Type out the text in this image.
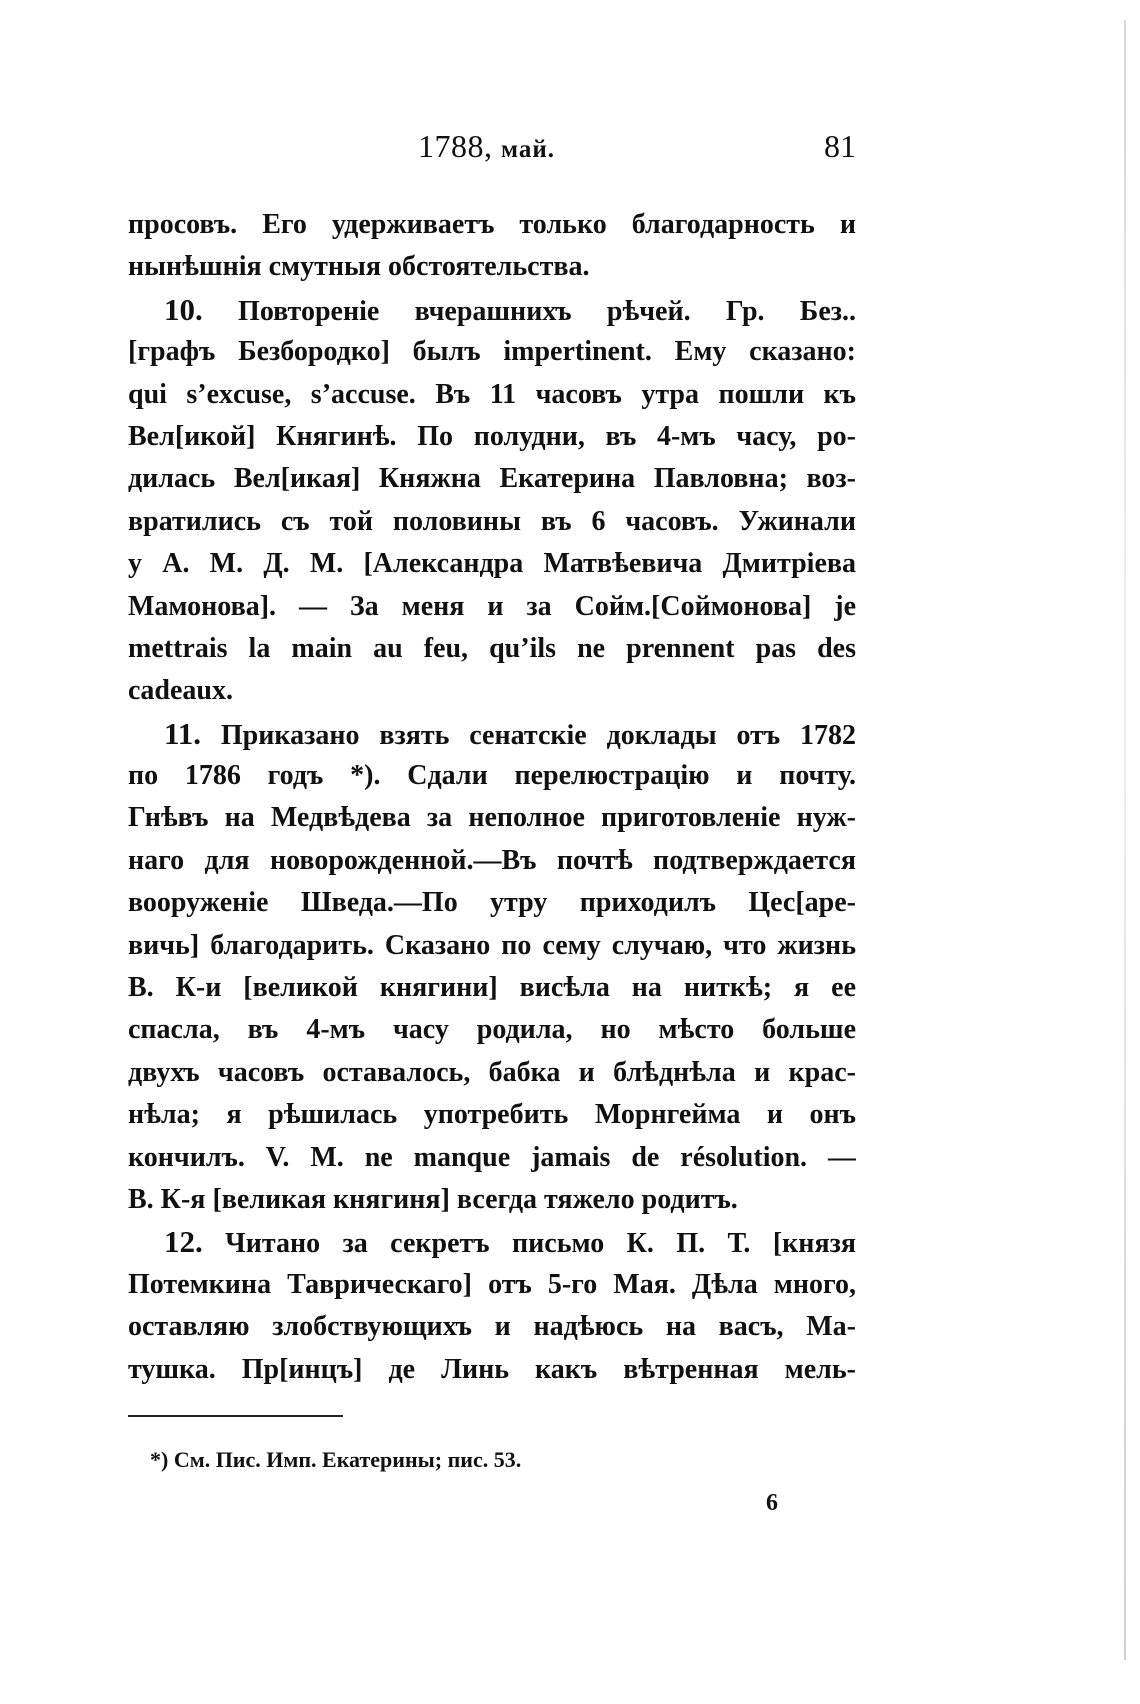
1788, май.	81
просовъ. Его удерживаетъ только благодарность и
нынѣшнія смутныя обстоятельства.
10. Повтореніе вчерашнихъ рѣчей. Гр. Без..
[графъ Безбородко] былъ impertinent. Ему сказано:
qui s’excuse, s’accuse. Въ 11 часовъ утра пошли къ
Вел[икой] Княгинѣ. По полудни, въ 4-мъ часу, ро-
дилась Вел[икая] Княжна Екатерина Павловна; воз-
вратились съ той половины въ 6 часовъ. Ужинали
у А. М. Д. М. [Александра Матвѣевича Дмитріева
Мамонова]. — За меня и за Сойм.[Соймонова] je
mettrais la main au feu, qu’ils ne prennent pas des
cadeaux.
11. Приказано взять сенатскіе доклады отъ 1782
по 1786 годъ *). Сдали перелюстрацію и почту.
Гнѣвъ на Медвѣдева за неполное приготовленіе нуж-
наго для новорожденной.—Въ почтѣ подтверждается
вооруженіе Шведа.—По утру приходилъ Цес[аре-
вичь] благодарить. Сказано по сему случаю, что жизнь
В. К-и [великой княгини] висѣла на ниткѣ; я ее
спасла, въ 4-мъ часу родила, но мѣсто больше
двухъ часовъ оставалось, бабка и блѣднѣла и крас-
нѣла; я рѣшилась употребить Морнгейма и онъ
кончилъ. V. M. ne manque jamais de résolution. —
В. К-я [великая княгиня] всегда тяжело родитъ.
12. Читано за секретъ письмо К. П. Т. [князя
Потемкина Таврическаго] отъ 5-го Мая. Дѣла много,
оставляю злобствующихъ и надѣюсь на васъ, Ма-
тушка. Пр[инцъ] де Линь какъ вѣтренная мель-
*) См. Пис. Имп. Екатерины; пис. 53.
6
